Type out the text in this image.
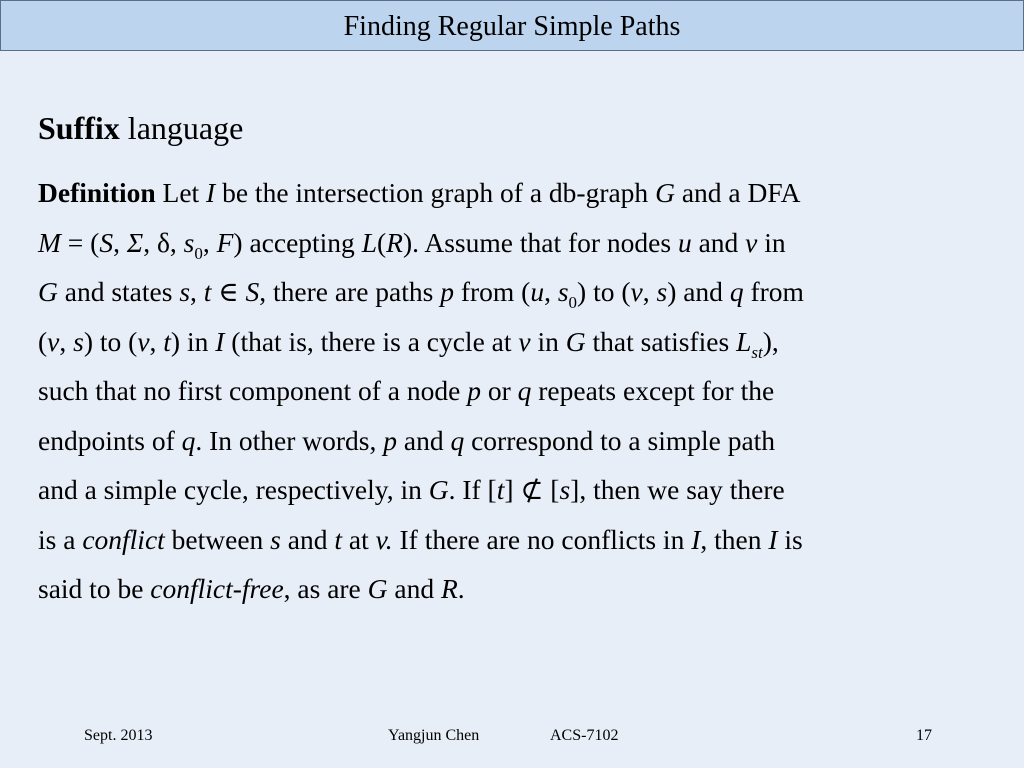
Finding Regular Simple Paths
Suffix language
Definition Let I be the intersection graph of a db-graph G and a DFA
M = (S, Σ, δ, $s_0$, F) accepting L(R). Assume that for nodes u and v in
G and states s, t ∈ S, there are paths p from (u, $s_0$) to (v, s) and q from
(v, s) to (v, t) in I (that is, there is a cycle at v in G that satisfies $L_{st}$),
such that no first component of a node p or q repeats except for the
endpoints of q. In other words, p and q correspond to a simple path
and a simple cycle, respectively, in G. If [t] ⊄ [s], then we say there
is a conflict between s and t at v. If there are no conflicts in I, then I is
said to be conflict-free, as are G and R.
Sept. 2013	Yangjun Chen	ACS-7102	17
